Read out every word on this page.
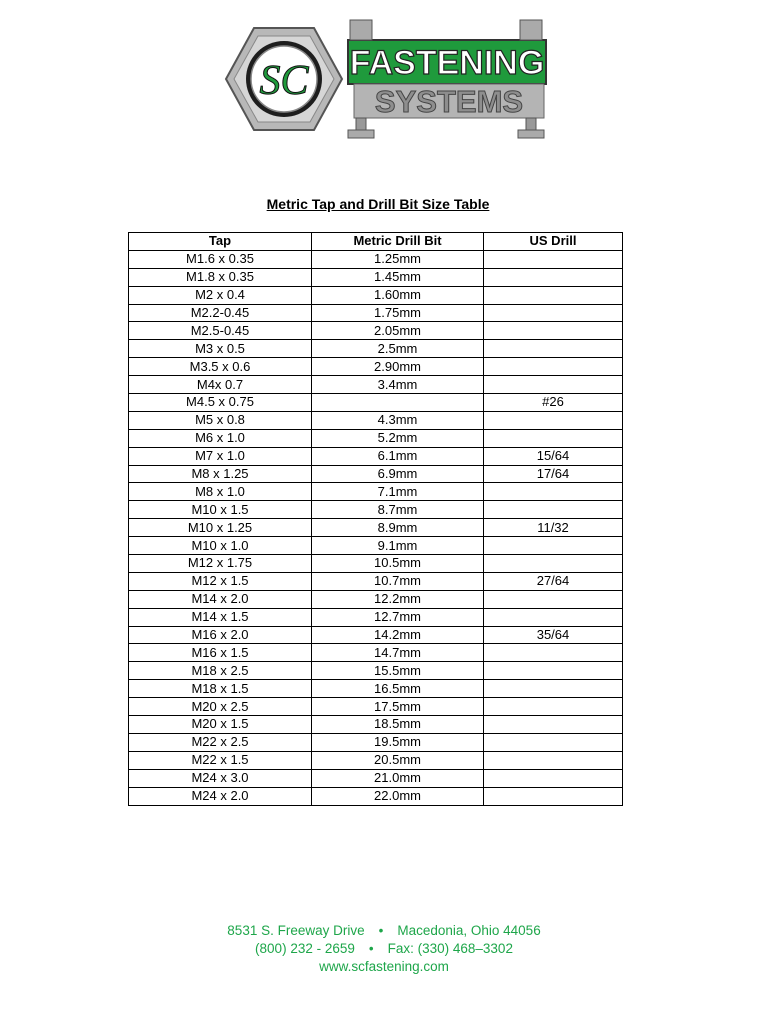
SC FASTENING
SYSTEMS
Metric Tap and Drill Bit Size Table
Tap	Metric Drill Bit	US Drill
M1.6 x 0.35	1.25mm	
M1.8 x 0.35	1.45mm	
M2 x 0.4	1.60mm	
M2.2-0.45	1.75mm	
M2.5-0.45	2.05mm	
M3 x 0.5	2.5mm	
M3.5 x 0.6	2.90mm	
M4x 0.7	3.4mm	
M4.5 x 0.75		#26
M5 x 0.8	4.3mm	
M6 x 1.0	5.2mm	
M7 x 1.0	6.1mm	15/64
M8 x 1.25	6.9mm	17/64
M8 x 1.0	7.1mm	
M10 x 1.5	8.7mm	
M10 x 1.25	8.9mm	11/32
M10 x 1.0	9.1mm	
M12 x 1.75	10.5mm	
M12 x 1.5	10.7mm	27/64
M14 x 2.0	12.2mm	
M14 x 1.5	12.7mm	
M16 x 2.0	14.2mm	35/64
M16 x 1.5	14.7mm	
M18 x 2.5	15.5mm	
M18 x 1.5	16.5mm	
M20 x 2.5	17.5mm	
M20 x 1.5	18.5mm	
M22 x 2.5	19.5mm	
M22 x 1.5	20.5mm	
M24 x 3.0	21.0mm	
M24 x 2.0	22.0mm	
8531 S. Freeway Drive • Macedonia, Ohio 44056
(800) 232 - 2659 • Fax: (330) 468–3302
www.scfastening.com
